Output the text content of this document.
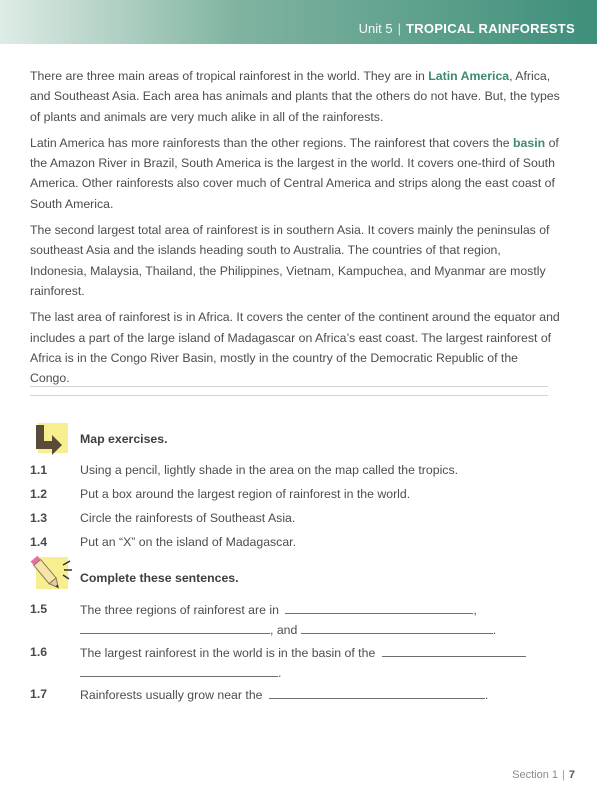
Unit 5 | TROPICAL RAINFORESTS

There are three main areas of tropical rainforest in the world. They are in Latin America, Africa, and Southeast Asia. Each area has animals and plants that the others do not have. But, the types of plants and animals are very much alike in all of the rainforests.

Latin America has more rainforests than the other regions. The rainforest that covers the basin of the Amazon River in Brazil, South America is the largest in the world. It covers one-third of South America. Other rainforests also cover much of Central America and strips along the east coast of South America.

The second largest total area of rainforest is in southern Asia. It covers mainly the peninsulas of southeast Asia and the islands heading south to Australia. The countries of that region, Indonesia, Malaysia, Thailand, the Philippines, Vietnam, Kampuchea, and Myanmar are mostly rainforest.

The last area of rainforest is in Africa. It covers the center of the continent around the equator and includes a part of the large island of Madagascar on Africa’s east coast. The largest rainforest of Africa is in the Congo River Basin, mostly in the country of the Democratic Republic of the Congo.

Map exercises.
1.1	Using a pencil, lightly shade in the area on the map called the tropics.
1.2	Put a box around the largest region of rainforest in the world.
1.3	Circle the rainforests of Southeast Asia.
1.4	Put an “X” on the island of Madagascar.
Complete these sentences.
1.5	The three regions of rainforest are in	,
, and	.
1.6	The largest rainforest in the world is in the basin of the
.
1.7	Rainforests usually grow near the	.
Section 1 | 7
